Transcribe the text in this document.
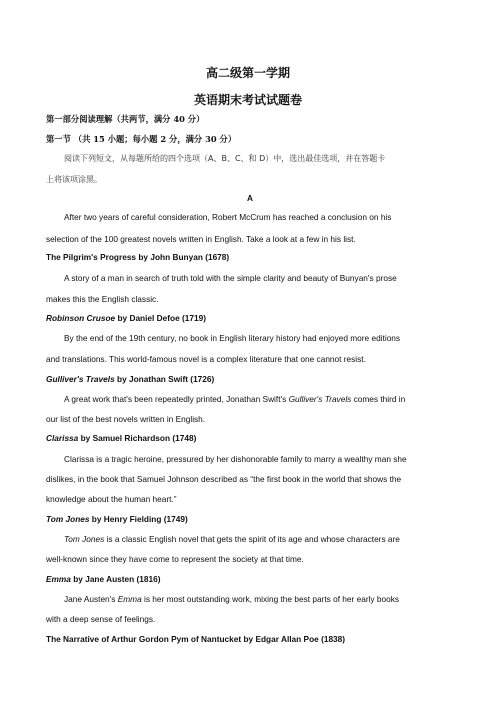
高二级第一学期
英语期末考试试题卷
第一部分阅读理解（共两节，满分 40 分）
第一节 （共 15 小题；每小题 2 分，满分 30 分）
阅读下列短文，从每题所给的四个选项（A、B、C、和 D）中，选出最佳选项，并在答题卡
上将该项涂黑。
A
After two years of careful consideration, Robert McCrum has reached a conclusion on his
selection of the 100 greatest novels written in English. Take a look at a few in his list.
The Pilgrim's Progress by John Bunyan (1678)
A story of a man in search of truth told with the simple clarity and beauty of Bunyan's prose
makes this the English classic.
Robinson Crusoe by Daniel Defoe (1719)
By the end of the 19th century, no book in English literary history had enjoyed more editions
and translations. This world-famous novel is a complex literature that one cannot resist.
Gulliver's Travels by Jonathan Swift (1726)
A great work that's been repeatedly printed, Jonathan Swift's Gulliver's Travels comes third in
our list of the best novels written in English.
Clarissa by Samuel Richardson (1748)
Clarissa is a tragic heroine, pressured by her dishonorable family to marry a wealthy man she
dislikes, in the book that Samuel Johnson described as “the first book in the world that shows the
knowledge about the human heart.”
Tom Jones by Henry Fielding (1749)
Tom Jones is a classic English novel that gets the spirit of its age and whose characters are
well-known since they have come to represent the society at that time.
Emma by Jane Austen (1816)
Jane Austen's Emma is her most outstanding work, mixing the best parts of her early books
with a deep sense of feelings.
The Narrative of Arthur Gordon Pym of Nantucket by Edgar Allan Poe (1838)
